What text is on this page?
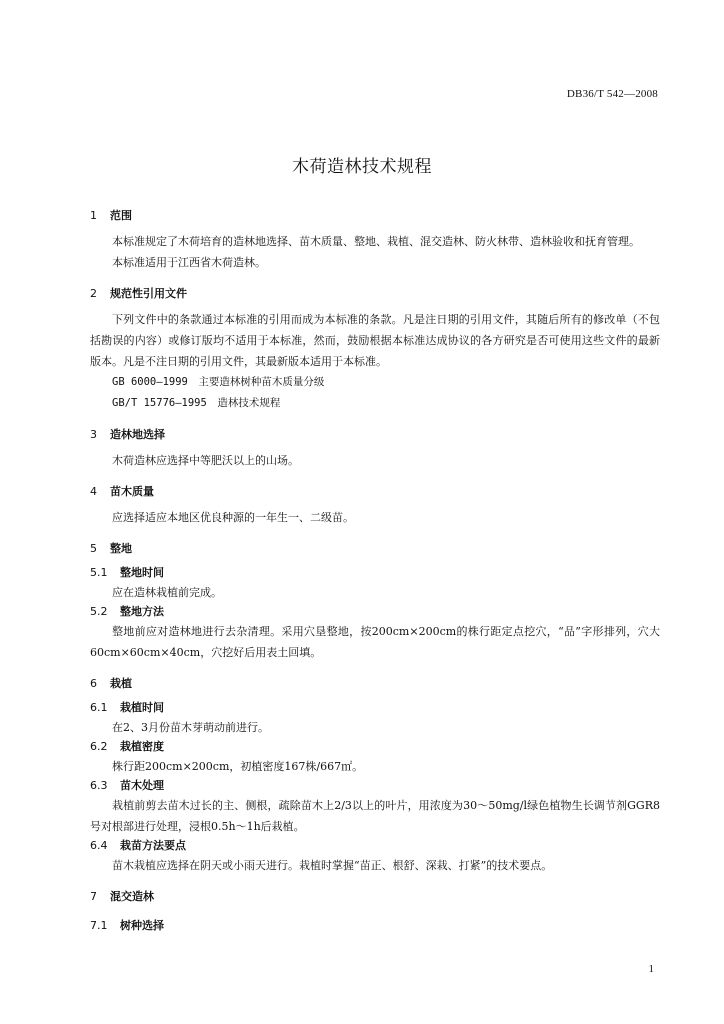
DB36/T 542—2008
木荷造林技术规程
1 范围

本标准规定了木荷培育的造林地选择、苗木质量、整地、栽植、混交造林、防火林带、造林验收和抚育管理。

本标准适用于江西省木荷造林。

2 规范性引用文件

下列文件中的条款通过本标准的引用而成为本标准的条款。凡是注日期的引用文件，其随后所有的修改单（不包括勘误的内容）或修订版均不适用于本标准，然而，鼓励根据本标准达成协议的各方研究是否可使用这些文件的最新版本。凡是不注日期的引用文件，其最新版本适用于本标准。

GB 6000—1999　主要造林树种苗木质量分级

GB/T 15776—1995　造林技术规程

3 造林地选择

木荷造林应选择中等肥沃以上的山场。

4 苗木质量

应选择适应本地区优良种源的一年生一、二级苗。

5 整地
5.1 整地时间

应在造林栽植前完成。

5.2 整地方法

整地前应对造林地进行去杂清理。采用穴垦整地，按200cm×200cm的株行距定点挖穴，“品”字形排列，穴大60cm×60cm×40cm，穴挖好后用表土回填。

6 栽植
6.1 栽植时间

在2、3月份苗木芽萌动前进行。

6.2 栽植密度

株行距200cm×200cm，初植密度167株/667㎡。

6.3 苗木处理

栽植前剪去苗木过长的主、侧根，疏除苗木上2/3以上的叶片，用浓度为30～50mg/l绿色植物生长调节剂GGR8号对根部进行处理，浸根0.5h～1h后栽植。

6.4 栽苗方法要点

苗木栽植应选择在阴天或小雨天进行。栽植时掌握“苗正、根舒、深栽、打紧”的技术要点。

7 混交造林
7.1 树种选择
1
